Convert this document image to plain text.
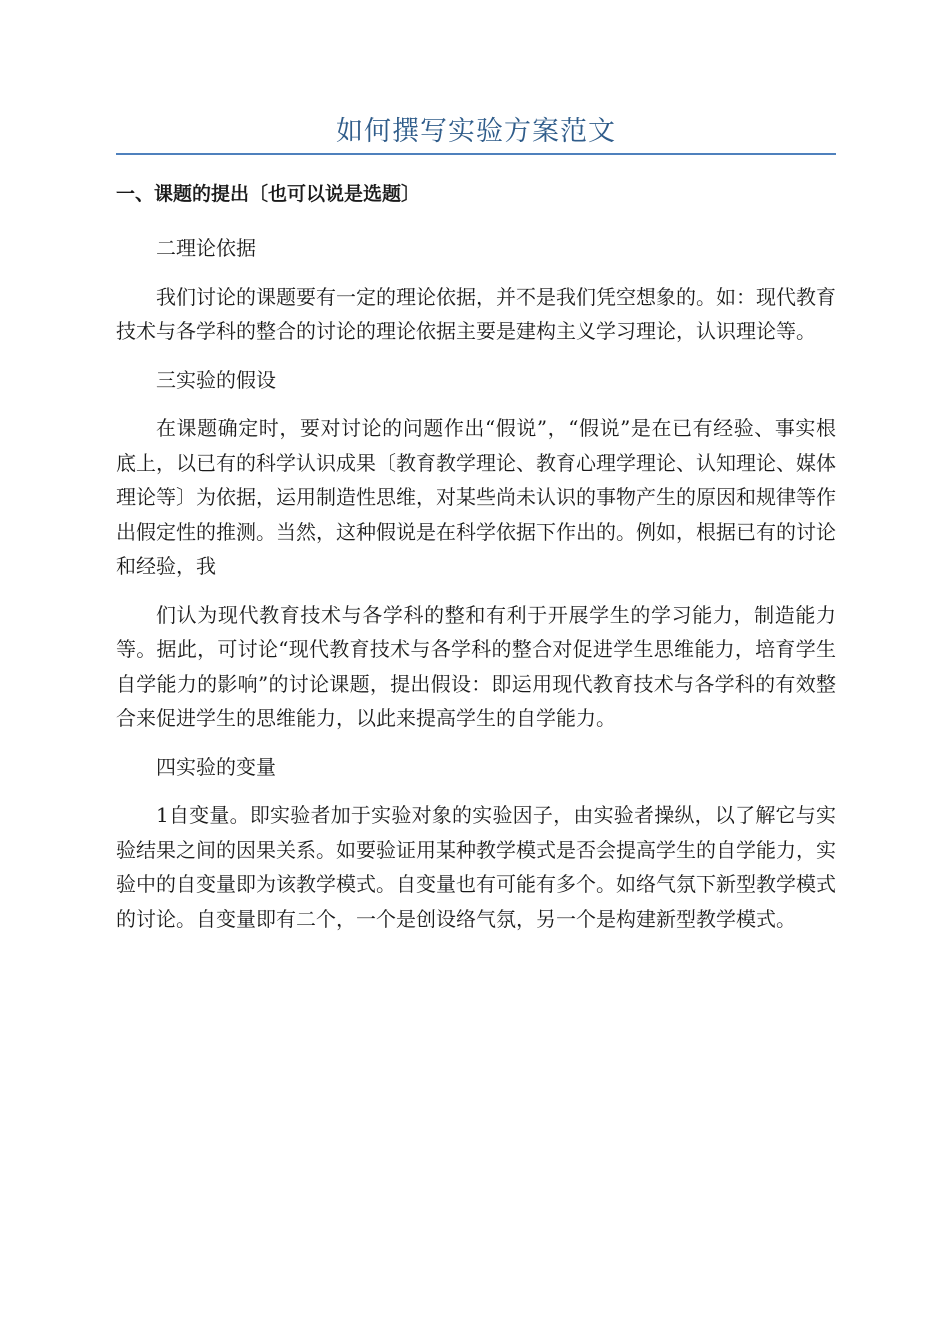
如何撰写实验方案范文
一、课题的提出〔也可以说是选题〕

二理论依据

我们讨论的课题要有一定的理论依据，并不是我们凭空想象的。如：现代教育技术与各学科的整合的讨论的理论依据主要是建构主义学习理论，认识理论等。

三实验的假设

在课题确定时，要对讨论的问题作出“假说”，“假说”是在已有经验、事实根底上，以已有的科学认识成果〔教育教学理论、教育心理学理论、认知理论、媒体理论等〕为依据，运用制造性思维，对某些尚未认识的事物产生的原因和规律等作出假定性的推测。当然，这种假说是在科学依据下作出的。例如，根据已有的讨论和经验，我

们认为现代教育技术与各学科的整和有利于开展学生的学习能力，制造能力等。据此，可讨论“现代教育技术与各学科的整合对促进学生思维能力，培育学生自学能力的影响”的讨论课题，提出假设：即运用现代教育技术与各学科的有效整合来促进学生的思维能力，以此来提高学生的自学能力。

四实验的变量

1自变量。即实验者加于实验对象的实验因子，由实验者操纵，以了解它与实验结果之间的因果关系。如要验证用某种教学模式是否会提高学生的自学能力，实验中的自变量即为该教学模式。自变量也有可能有多个。如络气氛下新型教学模式的讨论。自变量即有二个，一个是创设络气氛，另一个是构建新型教学模式。
